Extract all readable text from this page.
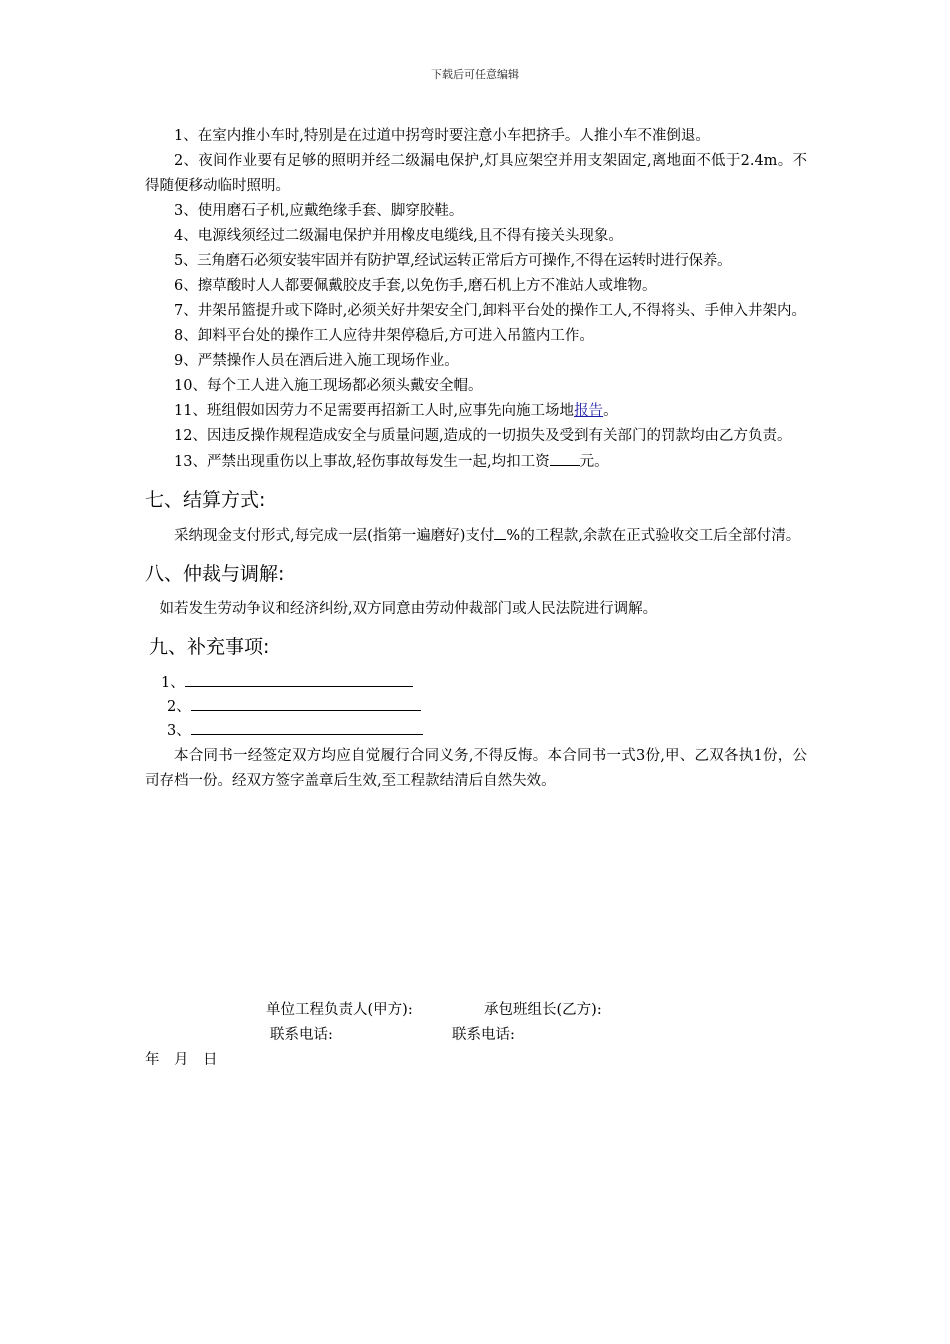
下载后可任意编辑

1、在室内推小车时,特别是在过道中拐弯时要注意小车把挤手。人推小车不准倒退。

2、夜间作业要有足够的照明并经二级漏电保护,灯具应架空并用支架固定,离地面不低于2.4m。不得随便移动临时照明。

3、使用磨石子机,应戴绝缘手套、脚穿胶鞋。

4、电源线须经过二级漏电保护并用橡皮电缆线,且不得有接关头现象。

5、三角磨石必须安装牢固并有防护罩,经试运转正常后方可操作,不得在运转时进行保养。

6、擦草酸时人人都要佩戴胶皮手套,以免伤手,磨石机上方不准站人或堆物。

7、井架吊篮提升或下降时,必须关好井架安全门,卸料平台处的操作工人,不得将头、手伸入井架内。

8、卸料平台处的操作工人应待井架停稳后,方可进入吊篮内工作。

9、严禁操作人员在酒后进入施工现场作业。

10、每个工人进入施工现场都必须头戴安全帽。

11、班组假如因劳力不足需要再招新工人时,应事先向施工场地报告。

12、因违反操作规程造成安全与质量问题,造成的一切损失及受到有关部门的罚款均由乙方负责。

13、严禁出现重伤以上事故,轻伤事故每发生一起,均扣工资 元。

七、结算方式:

采纳现金支付形式,每完成一层(指第一遍磨好)支付 %的工程款,余款在正式验收交工后全部付清。

八、仲裁与调解:

如若发生劳动争议和经济纠纷,双方同意由劳动仲裁部门或人民法院进行调解。

九、补充事项:

1、

2、

3、

本合同书一经签定双方均应自觉履行合同义务,不得反悔。本合同书一式3份,甲、乙双各执1份，公司存档一份。经双方签字盖章后生效,至工程款结清后自然失效。

单位工程负责人(甲方):	承包班组长(乙方):
联系电话:	联系电话:
年　月　日
